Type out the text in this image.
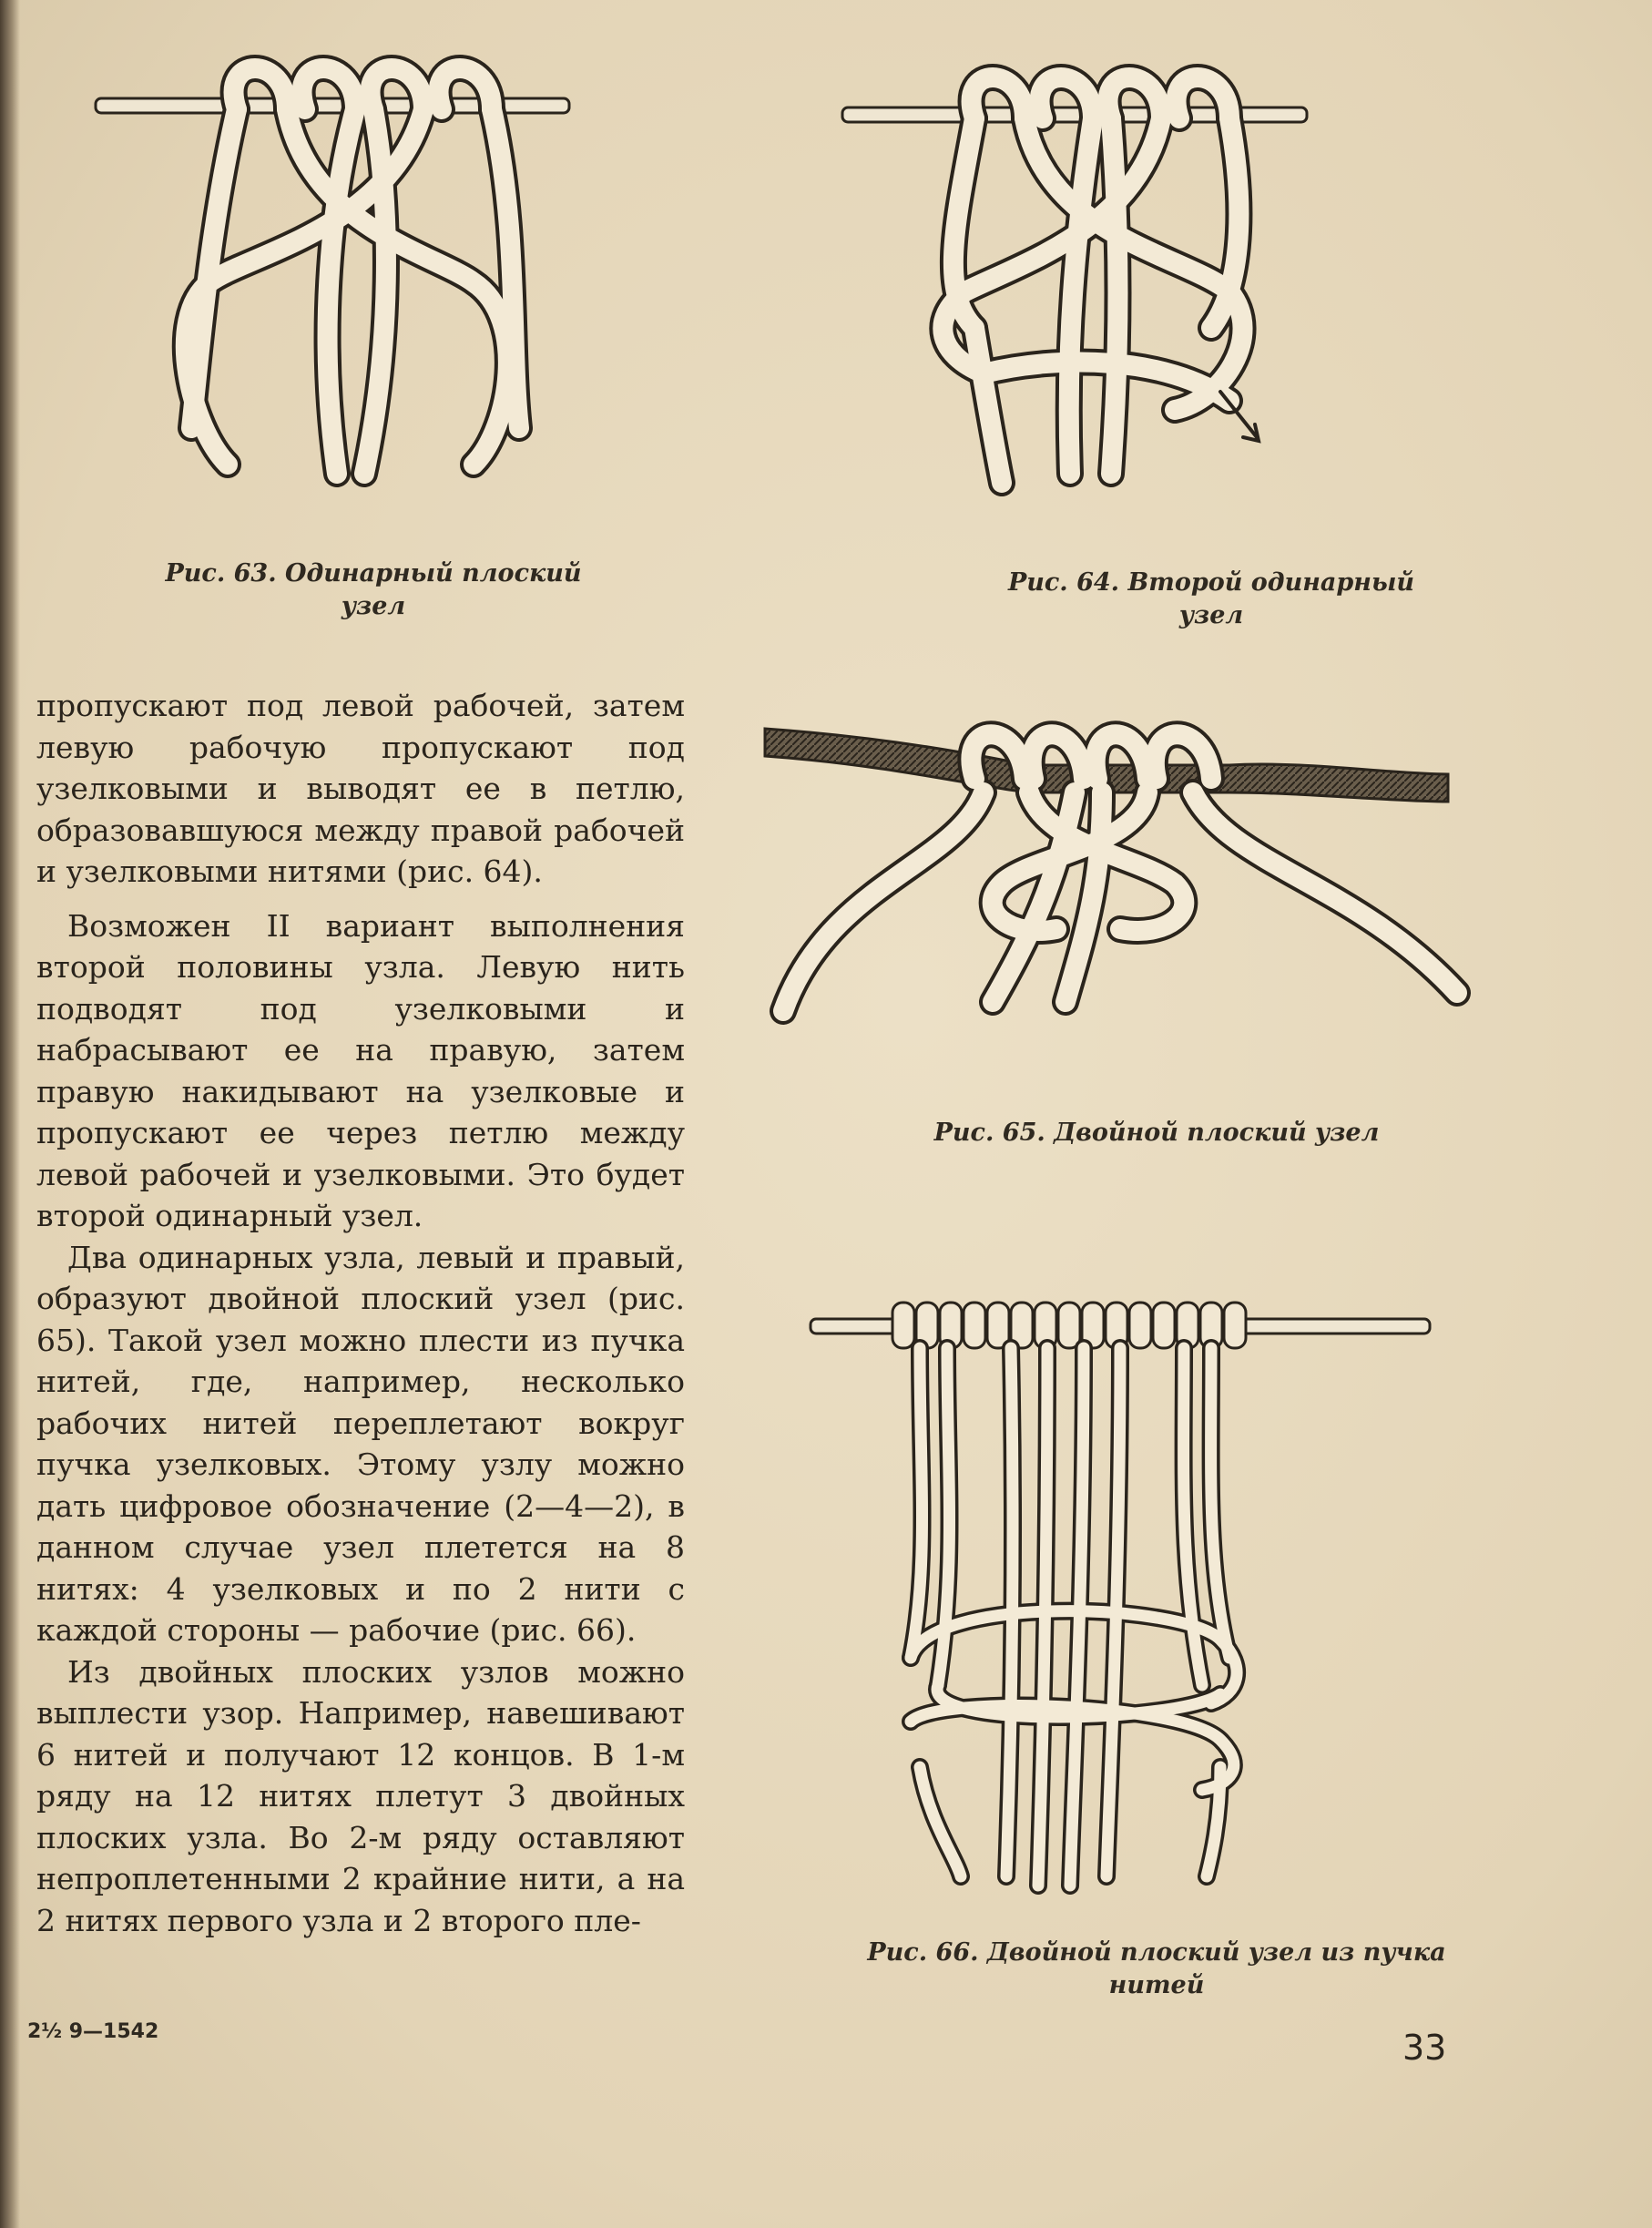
Рис. 63. Одинарный плоский
узел
Рис. 64. Второй одинарный
узел
Рис. 65. Двойной плоский узел
Рис. 66. Двойной плоский узел из пучка
нитей

пропускают под левой рабочей, затем левую рабочую пропускают под узелковыми и выводят ее в петлю, образовавшуюся между правой рабочей и узелковыми нитями (рис. 64).

Возможен II вариант выполнения второй половины узла. Левую нить подводят под узелковыми и набрасывают ее на правую, затем правую накидывают на узелковые и пропускают ее через петлю между левой рабочей и узелковыми. Это будет второй одинарный узел.

Два одинарных узла, левый и правый, образуют двойной плоский узел (рис. 65). Такой узел можно плести из пучка нитей, где, например, несколько рабочих нитей переплетают вокруг пучка узелковых. Этому узлу можно дать цифровое обозначение (2—4—2), в данном случае узел плетется на 8 нитях: 4 узелковых и по 2 нити с каждой стороны — рабочие (рис. 66).

Из двойных плоских узлов можно выплести узор. Например, навешивают 6 нитей и получают 12 концов. В 1-м ряду на 12 нитях плетут 3 двойных плоских узла. Во 2-м ряду оставляют непроплетенными 2 крайние нити, а на 2 нитях первого узла и 2 второго пле-

2½ 9—1542	33
